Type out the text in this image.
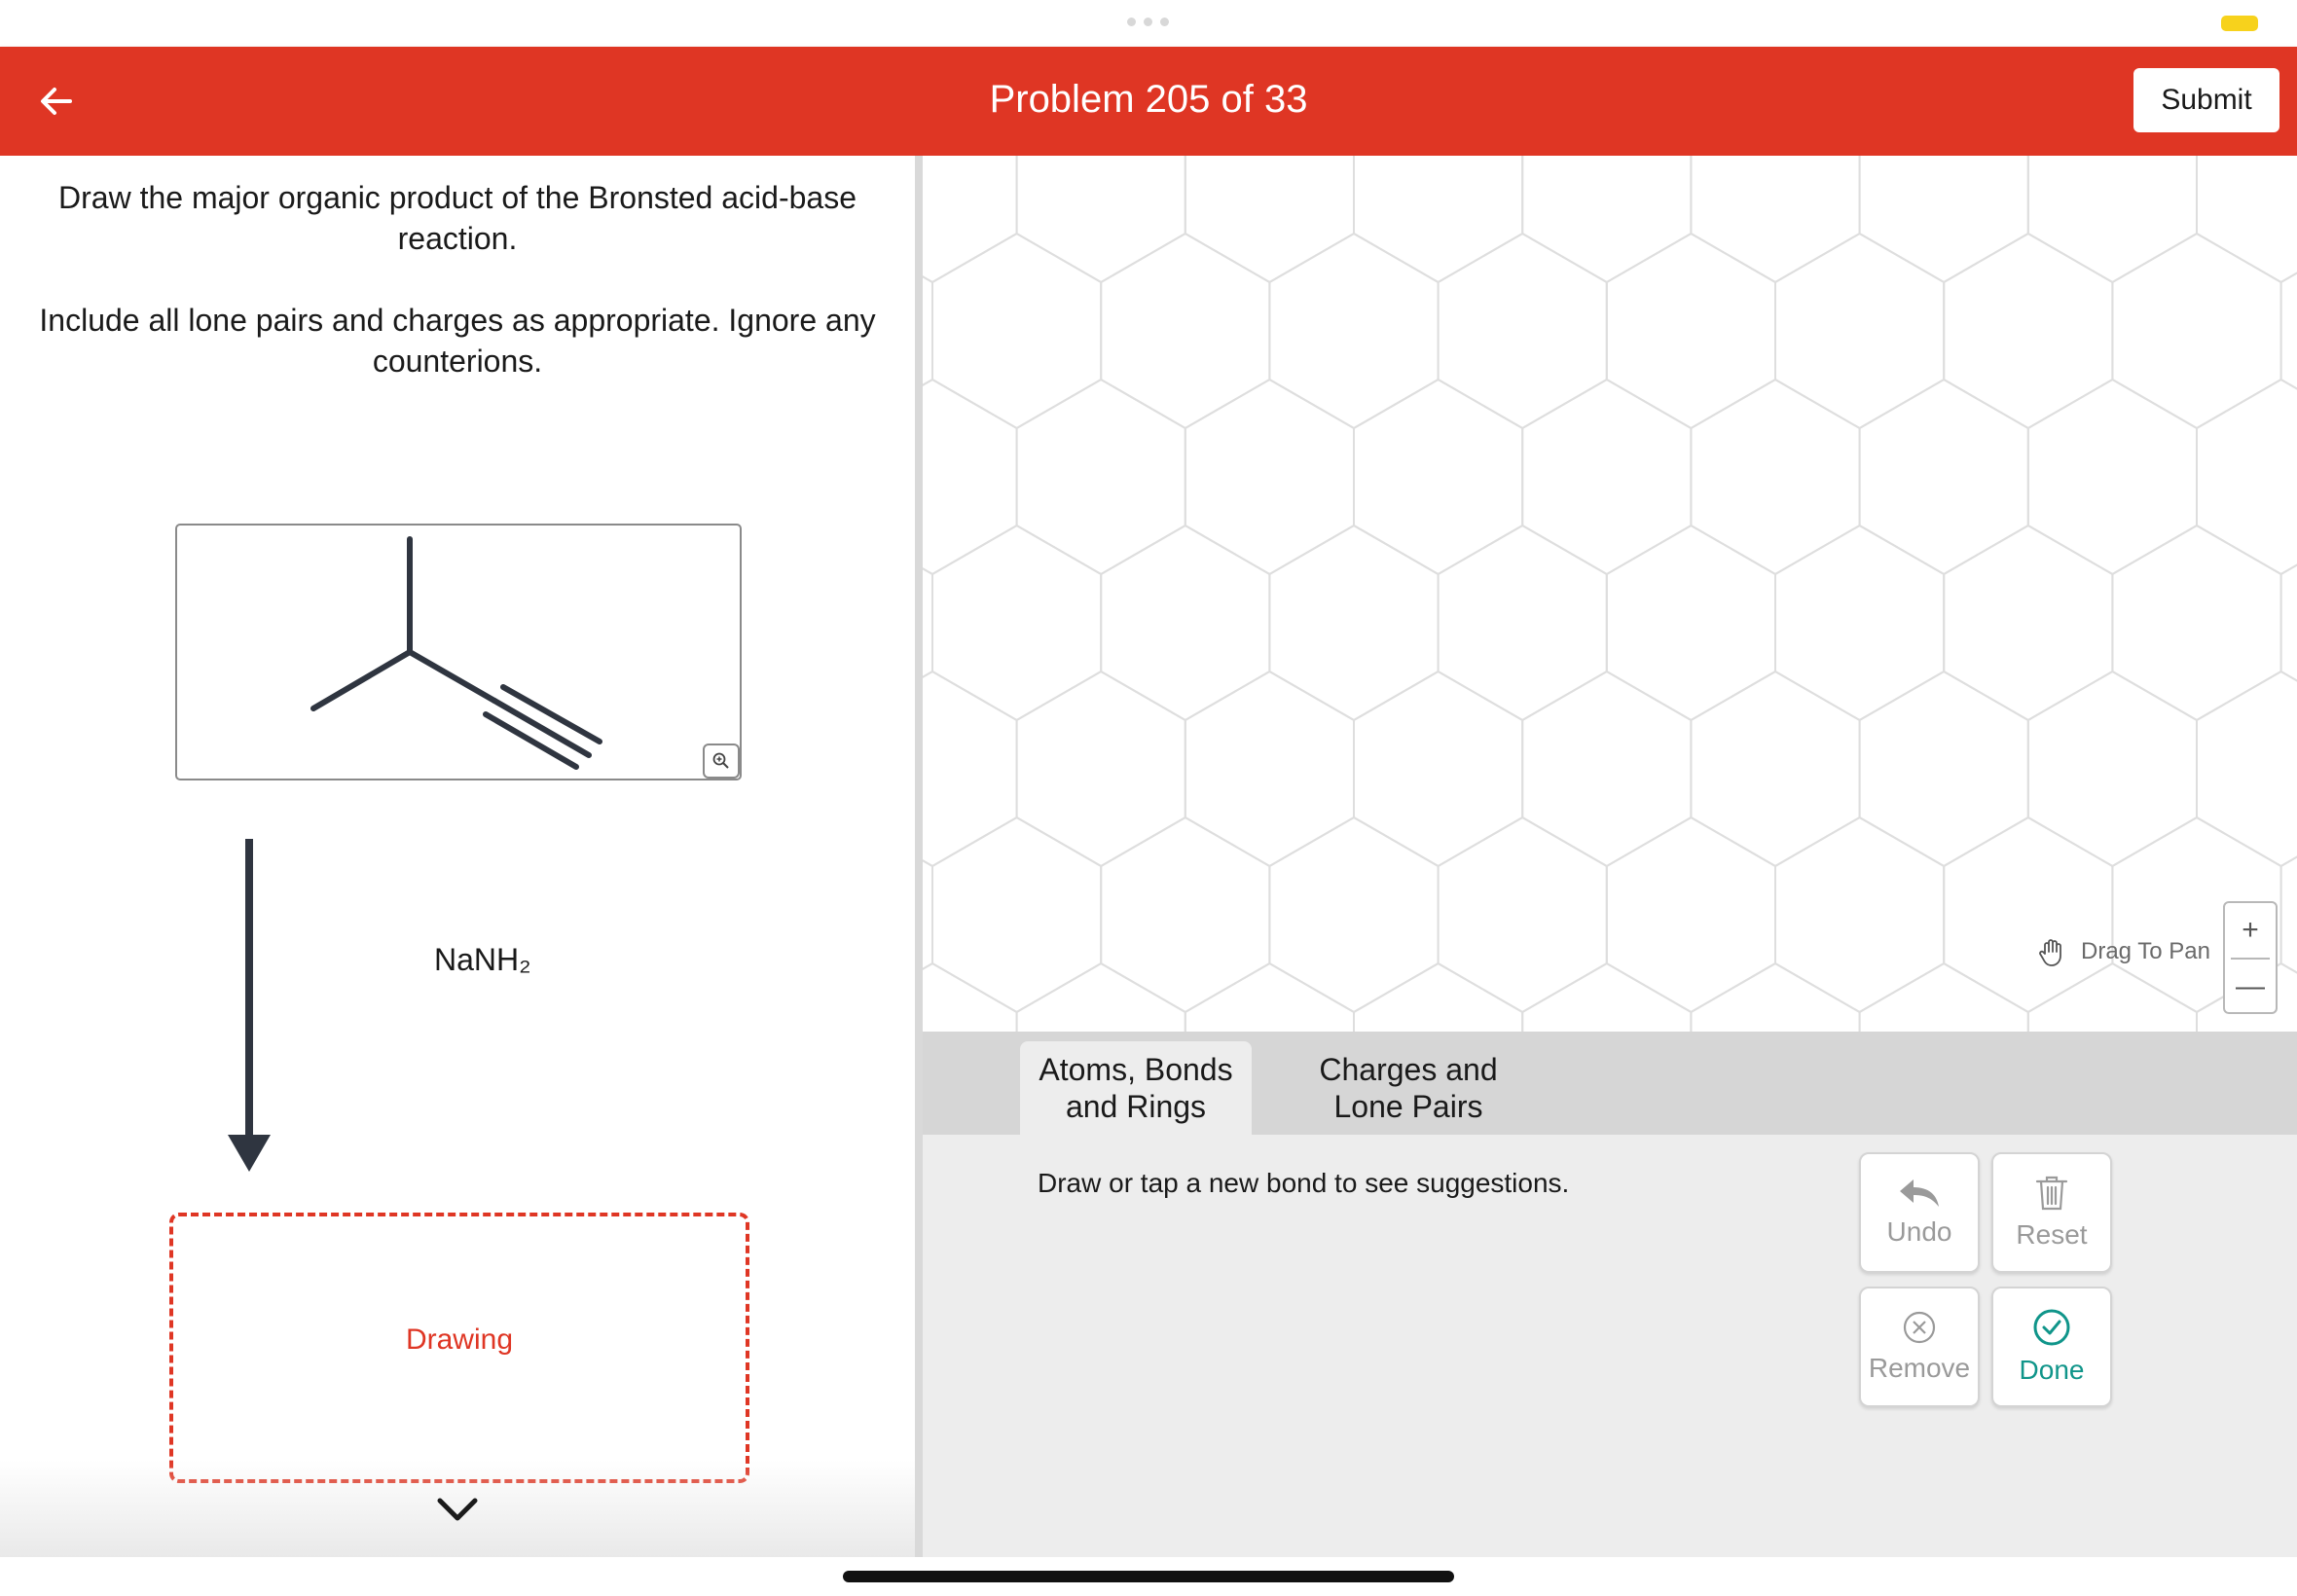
Problem 205 of 33	Submit
Draw the major organic product of the Bronsted acid-base reaction.
Include all lone pairs and charges as appropriate. Ignore any counterions.
NaNH₂
Drawing
Drag To Pan
+
—
Atoms, Bonds and Rings
Charges and Lone Pairs
Draw or tap a new bond to see suggestions.
Undo Reset
Remove Done
